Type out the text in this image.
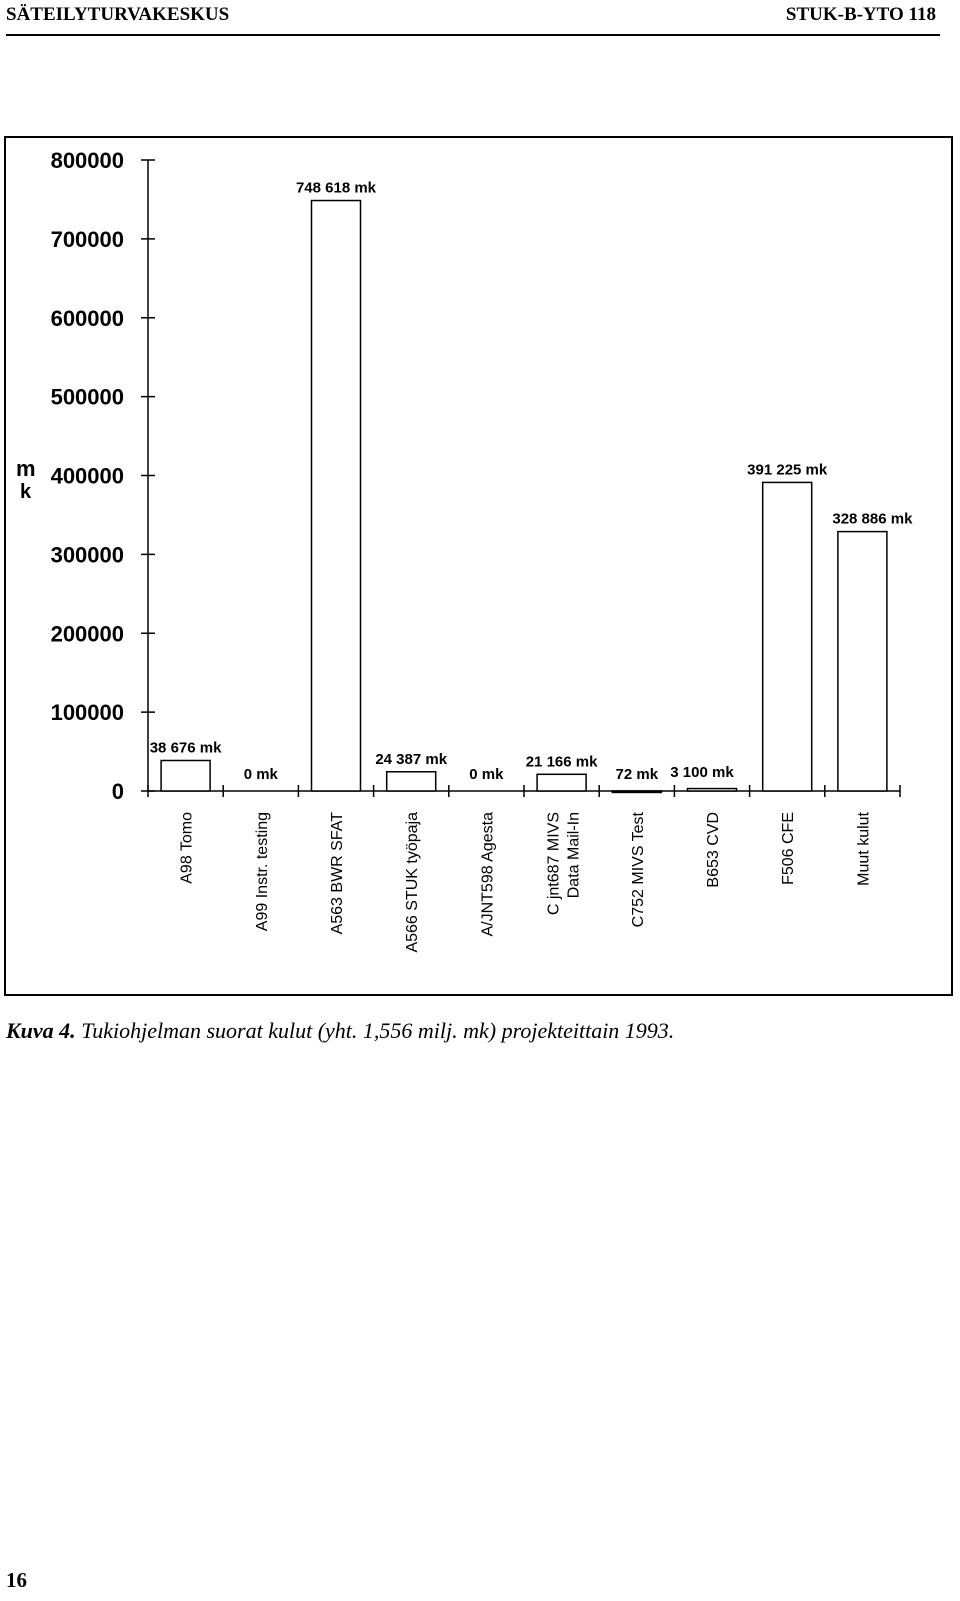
SÄTEILYTURVAKESKUS	STUK-B-YTO 118
m
k
0
100000
200000
300000
400000
500000
600000
700000
800000
38 676 mk
A98 Tomo
0 mk
A99 Instr. testing
748 618 mk
A563 BWR SFAT
24 387 mk
A566 STUK työpaja
0 mk
A/JNT598 Agesta
21 166 mk
C jnt687 MIVS Data Mail-In
72 mk
C752 MIVS Test
3 100 mk
B653 CVD
391 225 mk
F506 CFE
328 886 mk
Muut kulut
Kuva 4. Tukiohjelman suorat kulut (yht. 1,556 milj. mk) projekteittain 1993.
16
